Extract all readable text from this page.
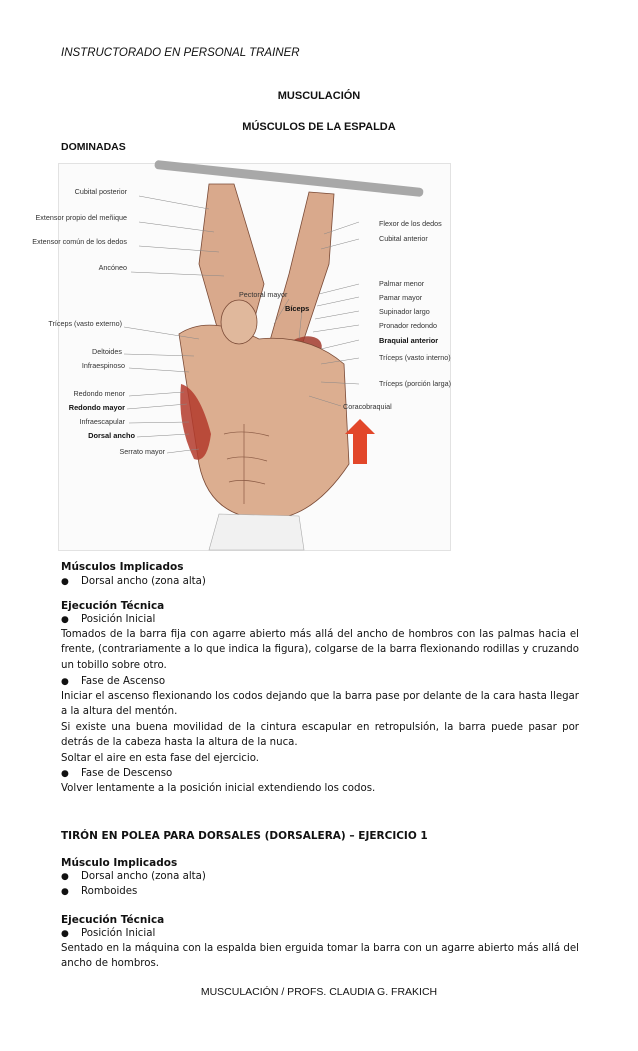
INSTRUCTORADO EN PERSONAL TRAINER
MUSCULACIÓN
MÚSCULOS DE LA ESPALDA
DOMINADAS
Cubital posterior
Extensor propio del meñique
Extensor común de los dedos
Ancóneo
Tríceps (vasto externo)
Deltoides
Infraespinoso
Redondo menor
Redondo mayor
Infraescapular
Dorsal ancho
Serrato mayor
Pectoral mayor
Bíceps
Flexor de los dedos
Cubital anterior
Palmar menor
Pamar mayor
Supinador largo
Pronador redondo
Braquial anterior
Tríceps (vasto interno)
Tríceps (porción larga)
Coracobraquial
Músculos Implicados
●	Dorsal ancho (zona alta)
Ejecución Técnica
●	Posición Inicial
Tomados de la barra fija con agarre abierto más allá del ancho de hombros con las palmas hacia el frente, (contrariamente a lo que indica la figura), colgarse de la barra flexionando rodillas y cruzando un tobillo sobre otro.
●	Fase de Ascenso
Iniciar el ascenso flexionando los codos dejando que la barra pase por delante de la cara hasta llegar a la altura del mentón.
Si existe una buena movilidad de la cintura escapular en retropulsión, la barra puede pasar por detrás de la cabeza hasta la altura de la nuca.
Soltar el aire en esta fase del ejercicio.
●	Fase de Descenso
Volver lentamente a la posición inicial extendiendo los codos.
TIRÓN EN POLEA PARA DORSALES (DORSALERA) – EJERCICIO 1
Músculo Implicados
●	Dorsal ancho (zona alta)
●	Romboides
Ejecución Técnica
●	Posición Inicial
Sentado en la máquina con la espalda bien erguida tomar la barra con un agarre abierto más allá del ancho de hombros.
MUSCULACIÓN / PROFS. CLAUDIA G. FRAKICH
